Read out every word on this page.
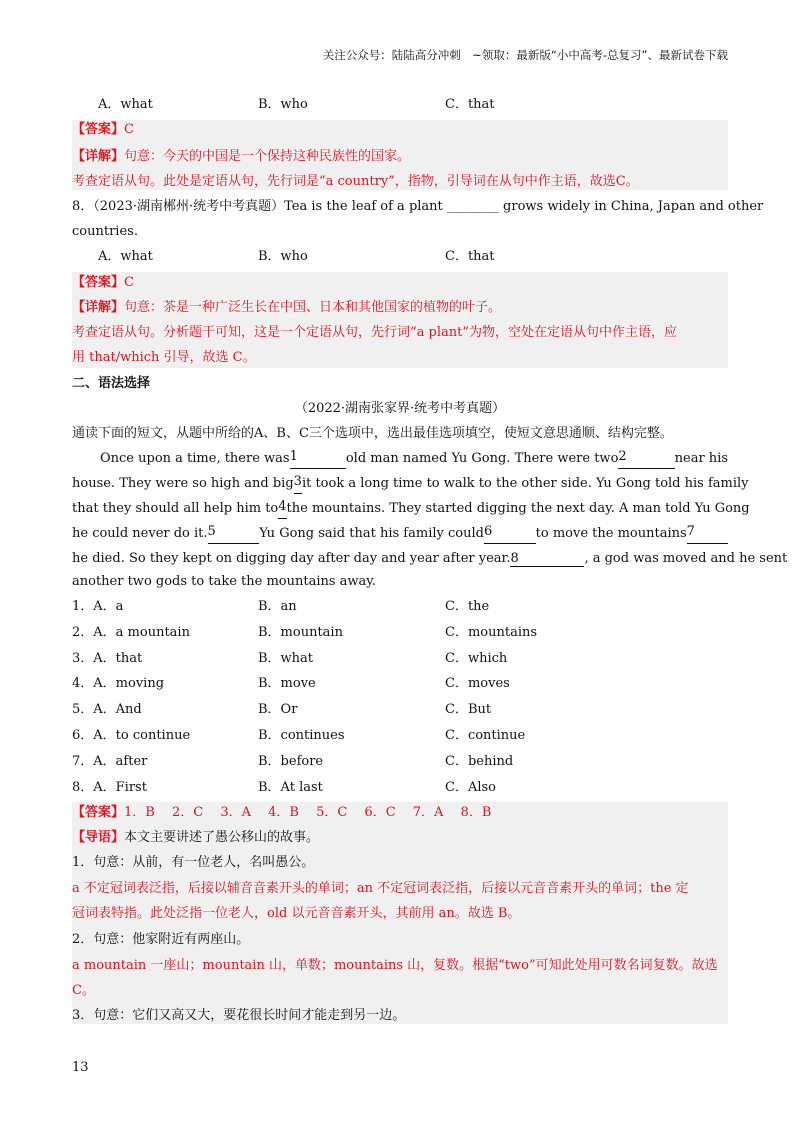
关注公众号：陆陆高分冲刺　~领取：最新版“小中高考-总复习”、最新试卷下载
A．what	B．who	C．that
【答案】C
【详解】句意：今天的中国是一个保持这种民族性的国家。
考查定语从句。此处是定语从句，先行词是“a country”，指物，引导词在从句中作主语，故选C。
8．（2023·湖南郴州·统考中考真题）Tea is the leaf of a plant ________ grows widely in China, Japan and other
countries.
A．what	B．who	C．that
【答案】C
【详解】句意：茶是一种广泛生长在中国、日本和其他国家的植物的叶子。
考查定语从句。分析题干可知，这是一个定语从句，先行词“a plant”为物，空处在定语从句中作主语，应
用 that/which 引导，故选 C。
二、语法选择
（2022·湖南张家界·统考中考真题）
通读下面的短文，从题中所给的A、B、C三个选项中，选出最佳选项填空，使短文意思通顺、结构完整。
Once upon a time, there was 1	old man named Yu Gong. There were two 2	near his
house. They were so high and big 3 it took a long time to walk to the other side. Yu Gong told his family
that they should all help him to 4 the mountains. They started digging the next day. A man told Yu Gong
he could never do it. 5	Yu Gong said that his family could 6	to move the mountains 7
he died. So they kept on digging day after day and year after year. 8	, a god was moved and he sent
another two gods to take the mountains away.
1．A．a	B．an	C．the
2．A．a mountain	B．mountain	C．mountains
3．A．that	B．what	C．which
4．A．moving	B．move	C．moves
5．A．And	B．Or	C．But
6．A．to continue	B．continues	C．continue
7．A．after	B．before	C．behind
8．A．First	B．At last	C．Also
【答案】1．B　 2．C　 3．A　 4．B　 5．C　 6．C　 7．A　 8．B
【导语】本文主要讲述了愚公移山的故事。
1．句意：从前，有一位老人，名叫愚公。
a 不定冠词表泛指，后接以辅音音素开头的单词；an 不定冠词表泛指，后接以元音音素开头的单词；the 定
冠词表特指。此处泛指一位老人，old 以元音音素开头，其前用 an。故选 B。
2．句意：他家附近有两座山。
a mountain 一座山；mountain 山，单数；mountains 山，复数。根据“two”可知此处用可数名词复数。故选
C。
3．句意：它们又高又大，要花很长时间才能走到另一边。
13
